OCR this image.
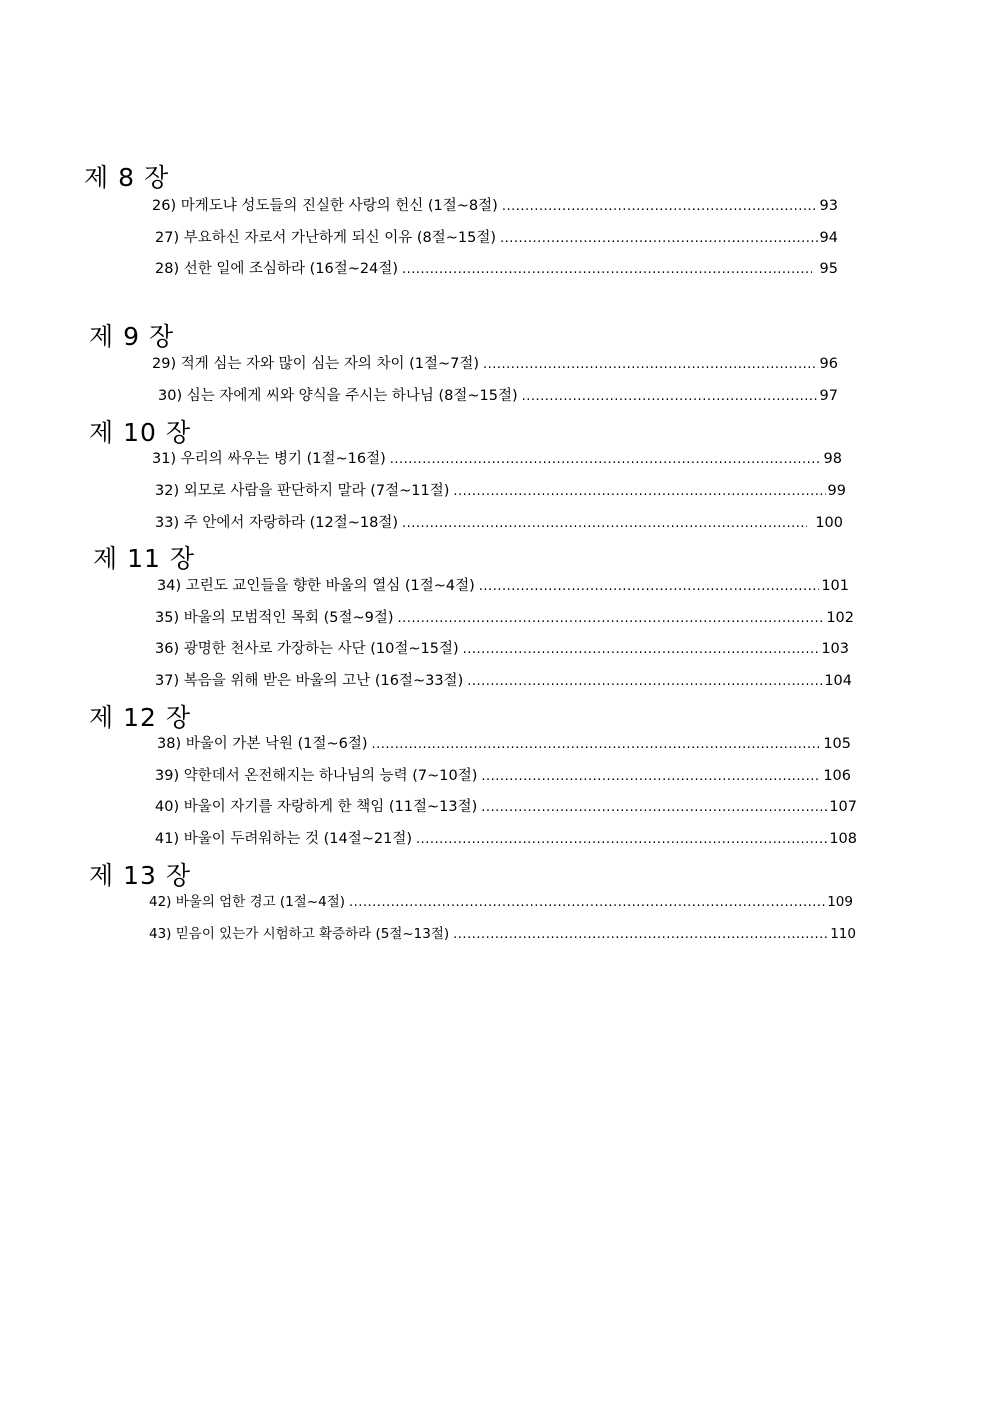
제 8 장
26) 마게도냐 성도들의 진실한 사랑의 헌신 (1절~8절) .....	93
27) 부요하신 자로서 가난하게 되신 이유 (8절~15절) .....	94
28) 선한 일에 조심하라 (16절~24절) .....	95
제 9 장
29) 적게 심는 자와 많이 심는 자의 차이 (1절~7절) .....	96
30) 심는 자에게 씨와 양식을 주시는 하나님 (8절~15절) .....	97
제 10 장
31) 우리의 싸우는 병기 (1절~16절) .....	98
32) 외모로 사람을 판단하지 말라 (7절~11절) .....	99
33) 주 안에서 자랑하라 (12절~18절) .....	100
제 11 장
34) 고린도 교인들을 향한 바울의 열심 (1절~4절) .....	101
35) 바울의 모범적인 목회 (5절~9절) .....	102
36) 광명한 천사로 가장하는 사단 (10절~15절) .....	103
37) 복음을 위해 받은 바울의 고난 (16절~33절) .....	104
제 12 장
38) 바울이 가본 낙원 (1절~6절) .....	105
39) 약한데서 온전해지는 하나님의 능력 (7~10절) .....	106
40) 바울이 자기를 자랑하게 한 책임 (11절~13절) .....	107
41) 바울이 두려워하는 것 (14절~21절) .....	108
제 13 장
42) 바울의 엄한 경고 (1절~4절) .....	109
43) 믿음이 있는가 시험하고 확증하라 (5절~13절) .....	110
